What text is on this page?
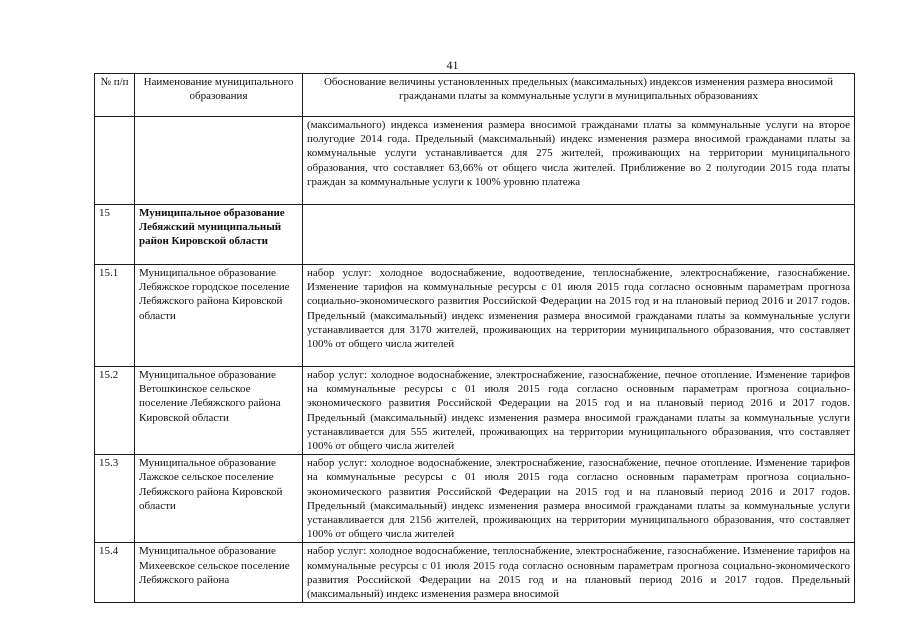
41
№ п/п	Наименование муниципального образования	Обоснование величины установленных предельных (максимальных) индексов изменения размера вносимой гражданами платы за коммунальные услуги в муниципальных образованиях
		(максимального) индекса изменения размера вносимой гражданами платы за коммунальные услуги на второе полугодие 2014 года. Предельный (максимальный) индекс изменения размера вносимой гражданами платы за коммунальные услуги устанавливается для 275 жителей, проживающих на территории муниципального образования, что составляет 63,66% от общего числа жителей. Приближение во 2 полугодии 2015 года платы граждан за коммунальные услуги к 100% уровню платежа
15	Муниципальное образование Лебяжский муниципальный район Кировской области	
15.1	Муниципальное образование Лебяжское городское поселение Лебяжского района Кировской области	набор услуг: холодное водоснабжение, водоотведение, теплоснабжение, электроснабжение, газоснабжение. Изменение тарифов на коммунальные ресурсы с 01 июля 2015 года согласно основным параметрам прогноза социально-экономического развития Российской Федерации на 2015 год и на плановый период 2016 и 2017 годов. Предельный (максимальный) индекс изменения размера вносимой гражданами платы за коммунальные услуги устанавливается для 3170 жителей, проживающих на территории муниципального образования, что составляет 100% от общего числа жителей
15.2	Муниципальное образование Ветошкинское сельское поселение Лебяжского района Кировской области	набор услуг: холодное водоснабжение, электроснабжение, газоснабжение, печное отопление. Изменение тарифов на коммунальные ресурсы с 01 июля 2015 года согласно основным параметрам прогноза социально-экономического развития Российской Федерации на 2015 год и на плановый период 2016 и 2017 годов. Предельный (максимальный) индекс изменения размера вносимой гражданами платы за коммунальные услуги устанавливается для 555 жителей, проживающих на территории муниципального образования, что составляет 100% от общего числа жителей
15.3	Муниципальное образование Лажское сельское поселение Лебяжского района Кировской области	набор услуг: холодное водоснабжение, электроснабжение, газоснабжение, печное отопление. Изменение тарифов на коммунальные ресурсы с 01 июля 2015 года согласно основным параметрам прогноза социально-экономического развития Российской Федерации на 2015 год и на плановый период 2016 и 2017 годов. Предельный (максимальный) индекс изменения размера вносимой гражданами платы за коммунальные услуги устанавливается для 2156 жителей, проживающих на территории муниципального образования, что составляет 100% от общего числа жителей
15.4	Муниципальное образование Михеевское сельское поселение Лебяжского района	набор услуг: холодное водоснабжение, теплоснабжение, электроснабжение, газоснабжение. Изменение тарифов на коммунальные ресурсы с 01 июля 2015 года согласно основным параметрам прогноза социально-экономического развития Российской Федерации на 2015 год и на плановый период 2016 и 2017 годов. Предельный (максимальный) индекс изменения размера вносимой
